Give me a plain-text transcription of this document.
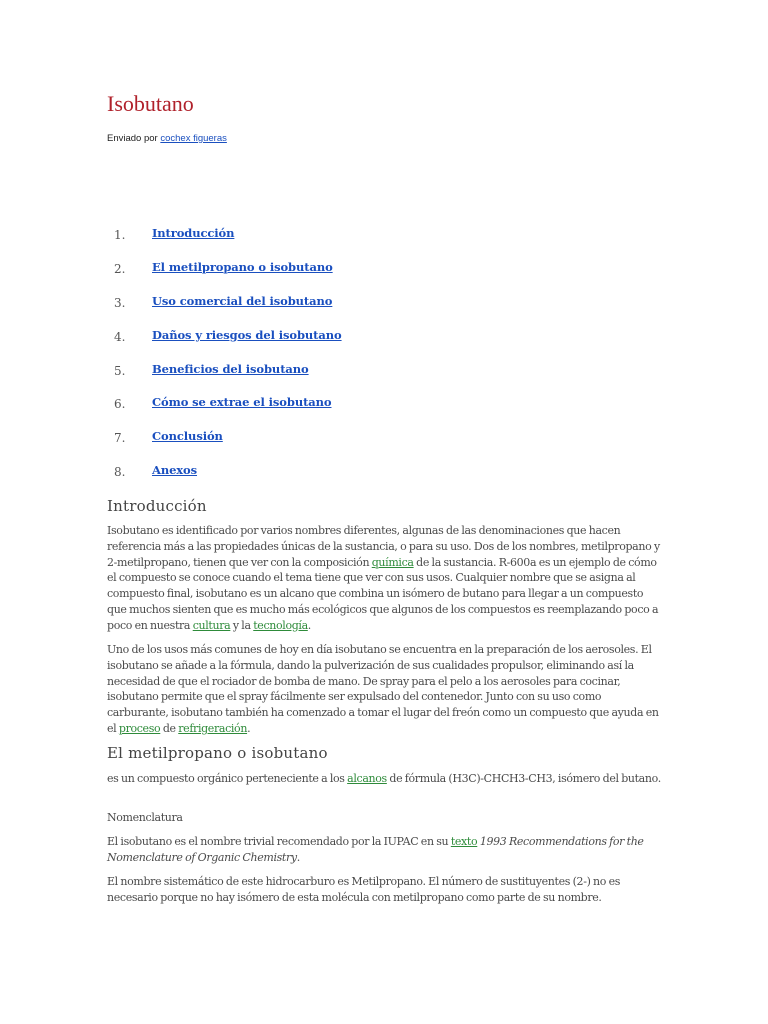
Isobutano
Enviado por cochex figueras
1. Introducción
2. El metilpropano o isobutano
3. Uso comercial del isobutano
4. Daños y riesgos del isobutano
5. Beneficios del isobutano
6. Cómo se extrae el isobutano
7. Conclusión
8. Anexos
Introducción

Isobutano es identificado por varios nombres diferentes, algunas de las denominaciones que hacen referencia más a las propiedades únicas de la sustancia, o para su uso. Dos de los nombres, metilpropano y 2-metilpropano, tienen que ver con la composición química de la sustancia. R-600a es un ejemplo de cómo el compuesto se conoce cuando el tema tiene que ver con sus usos. Cualquier nombre que se asigna al compuesto final, isobutano es un alcano que combina un isómero de butano para llegar a un compuesto que muchos sienten que es mucho más ecológicos que algunos de los compuestos es reemplazando poco a poco en nuestra cultura y la tecnología.

Uno de los usos más comunes de hoy en día isobutano se encuentra en la preparación de los aerosoles. El isobutano se añade a la fórmula, dando la pulverización de sus cualidades propulsor, eliminando así la necesidad de que el rociador de bomba de mano. De spray para el pelo a los aerosoles para cocinar, isobutano permite que el spray fácilmente ser expulsado del contenedor. Junto con su uso como carburante, isobutano también ha comenzado a tomar el lugar del freón como un compuesto que ayuda en el proceso de refrigeración.

El metilpropano o isobutano

es un compuesto orgánico perteneciente a los alcanos de fórmula (H3C)-CHCH3-CH3, isómero del butano.

Nomenclatura

El isobutano es el nombre trivial recomendado por la IUPAC en su texto 1993 Recommendations for the Nomenclature of Organic Chemistry.

El nombre sistemático de este hidrocarburo es Metilpropano. El número de sustituyentes (2-) no es necesario porque no hay isómero de esta molécula con metilpropano como parte de su nombre.
